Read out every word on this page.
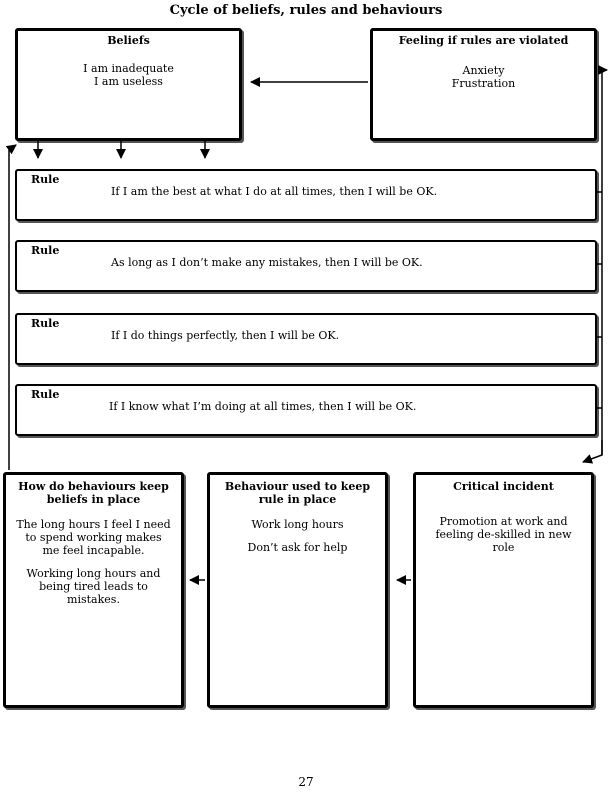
Cycle of beliefs, rules and behaviours
Beliefs
I am inadequate
I am useless
Feeling if rules are violated
Anxiety
Frustration
Rule
If I am the best at what I do at all times, then I will be OK.
Rule
As long as I don’t make any mistakes, then I will be OK.
Rule
If I do things perfectly, then I will be OK.
Rule
If I know what I’m doing at all times, then I will be OK.
How do behaviours keep beliefs in place

The long hours I feel I need to spend working makes me feel incapable.

Working long hours and being tired leads to mistakes.

Behaviour used to keep rule in place

Work long hours

Don’t ask for help

Critical incident

Promotion at work and feeling de-skilled in new role

27
